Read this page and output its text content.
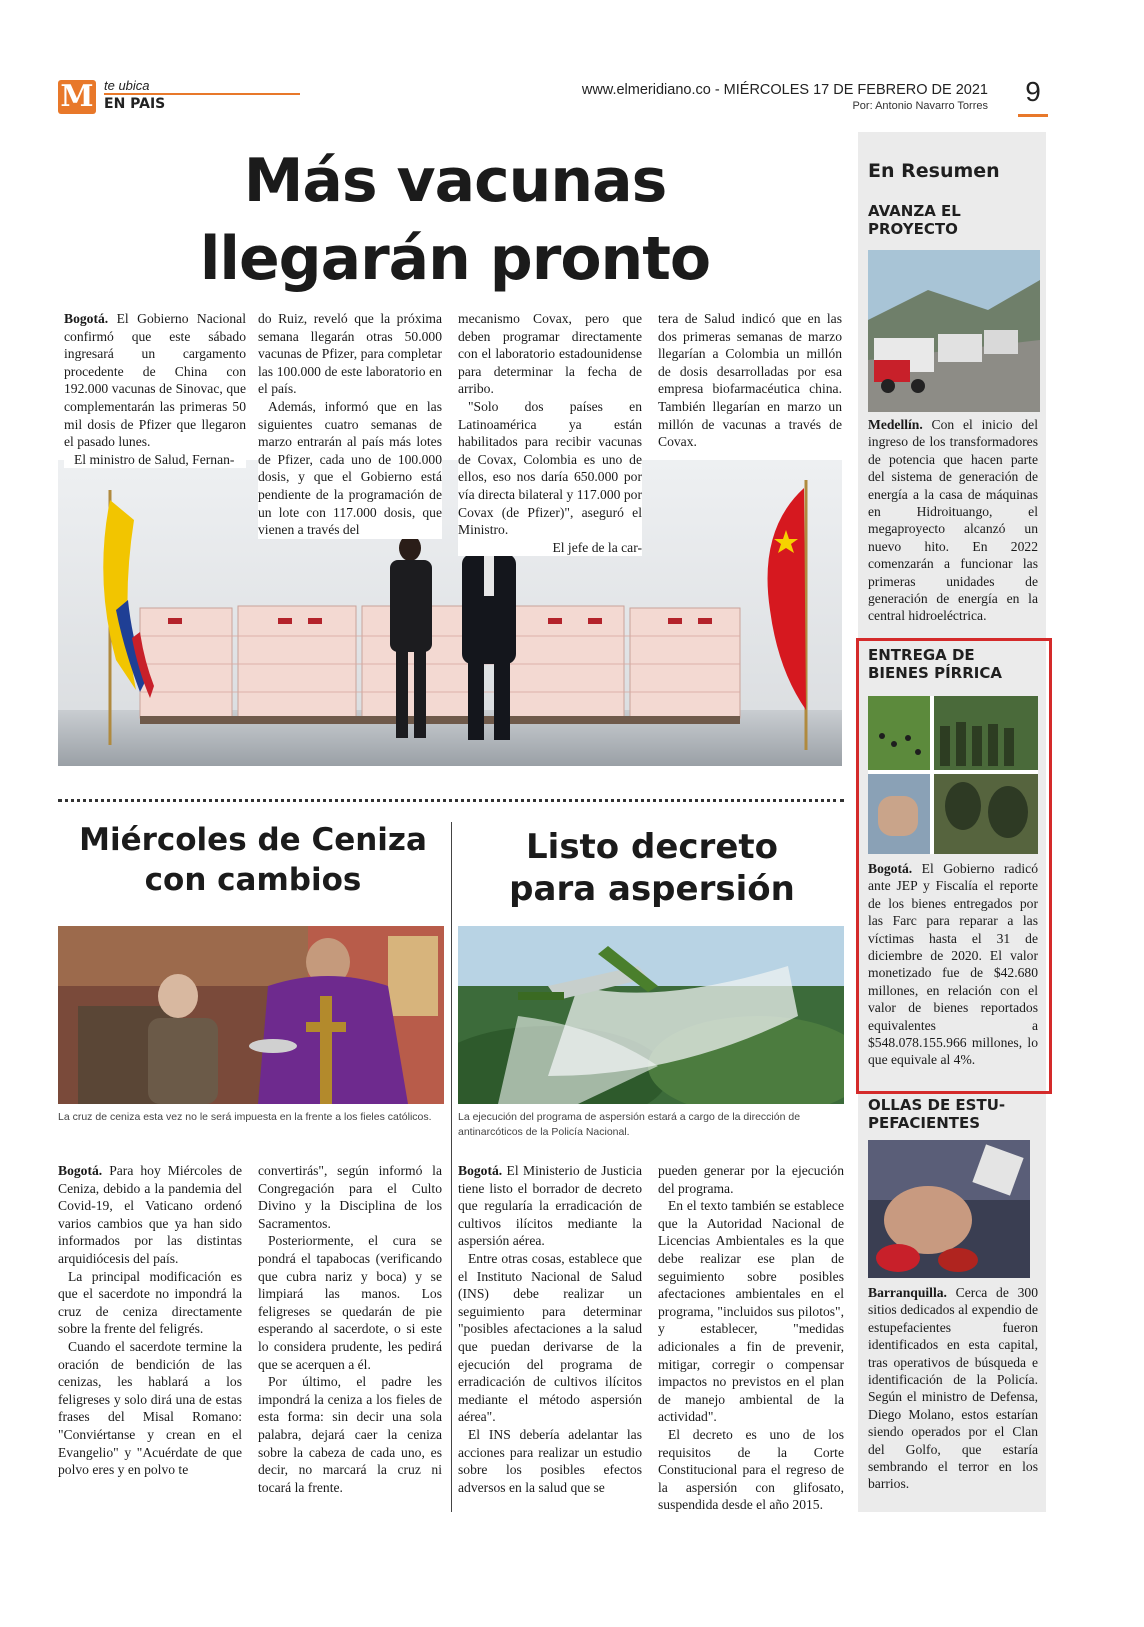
M te ubica
EN PAIS
www.elmeridiano.co - MIÉRCOLES 17 DE FEBRERO DE 2021
Por: Antonio Navarro Torres 9
Más vacunas
llegarán pronto

Bogotá. El Gobierno Nacional confirmó que este sábado ingresará un cargamento procedente de China con 192.000 vacunas de Sinovac, que complementarán las primeras 50 mil dosis de Pfizer que llegaron el pasado lunes.

El ministro de Salud, Fernan-

do Ruiz, reveló que la próxima semana llegarán otras 50.000 vacunas de Pfizer, para completar las 100.000 de este laboratorio en el país.

Además, informó que en las siguientes cuatro semanas de marzo entrarán al país más lotes de Pfizer, cada uno de 100.000 dosis, y que el Gobierno está pendiente de la programación de un lote con 117.000 dosis, que vienen a través del

mecanismo Covax, pero que deben programar directamente con el laboratorio estadounidense para determinar la fecha de arribo.

"Solo dos países en Latinoamérica ya están habilitados para recibir vacunas de Covax, Colombia es uno de ellos, eso nos daría 650.000 por vía directa bilateral y 117.000 por Covax (de Pfizer)", aseguró el Ministro.

El jefe de la car-

tera de Salud indicó que en las dos primeras semanas de marzo llegarían a Colombia un millón de dosis desarrolladas por esa empresa biofarmacéutica china. También llegarían en marzo un millón de vacunas a través de Covax.

Miércoles de Ceniza
con cambios
La cruz de ceniza esta vez no le será impuesta en la frente a los fieles católicos.

Bogotá. Para hoy Miércoles de Ceniza, debido a la pandemia del Covid-19, el Vaticano ordenó varios cambios que ya han sido informados por las distintas arquidiócesis del país.

La principal modificación es que el sacerdote no impondrá la cruz de ceniza directamente sobre la frente del feligrés.

Cuando el sacerdote termine la oración de bendición de las cenizas, les hablará a los feligreses y solo dirá una de estas frases del Misal Romano: "Conviértanse y crean en el Evangelio" y "Acuérdate de que polvo eres y en polvo te

convertirás", según informó la Congregación para el Culto Divino y la Disciplina de los Sacramentos.

Posteriormente, el cura se pondrá el tapabocas (verificando que cubra nariz y boca) y se limpiará las manos. Los feligreses se quedarán de pie esperando al sacerdote, o si este lo considera prudente, les pedirá que se acerquen a él.

Por último, el padre les impondrá la ceniza a los fieles de esta forma: sin decir una sola palabra, dejará caer la ceniza sobre la cabeza de cada uno, es decir, no marcará la cruz ni tocará la frente.

Listo decreto
para aspersión
La ejecución del programa de aspersión estará a cargo de la dirección de antinarcóticos de la Policía Nacional.

Bogotá. El Ministerio de Justicia tiene listo el borrador de decreto que regularía la erradicación de cultivos ilícitos mediante la aspersión aérea.

Entre otras cosas, establece que el Instituto Nacional de Salud (INS) debe realizar un seguimiento para determinar "posibles afectaciones a la salud que puedan derivarse de la ejecución del programa de erradicación de cultivos ilícitos mediante el método aspersión aérea".

El INS debería adelantar las acciones para realizar un estudio sobre los posibles efectos adversos en la salud que se

pueden generar por la ejecución del programa.

En el texto también se establece que la Autoridad Nacional de Licencias Ambientales es la que debe realizar ese plan de seguimiento sobre posibles afectaciones ambientales en el programa, "incluidos sus pilotos", y establecer, "medidas adicionales a fin de prevenir, mitigar, corregir o compensar impactos no previstos en el plan de manejo ambiental de la actividad".

El decreto es uno de los requisitos de la Corte Constitucional para el regreso de la aspersión con glifosato, suspendida desde el año 2015.

En Resumen
AVANZA EL
PROYECTO
Medellín. Con el inicio del ingreso de los transformadores de potencia que hacen parte del sistema de generación de energía a la casa de máquinas en Hidroituango, el megaproyecto alcanzó un nuevo hito. En 2022 comenzarán a funcionar las primeras unidades de generación de energía en la central hidroeléctrica.
ENTREGA DE
BIENES PÍRRICA
Bogotá. El Gobierno radicó ante JEP y Fiscalía el reporte de los bienes entregados por las Farc para reparar a las víctimas hasta el 31 de diciembre de 2020. El valor monetizado fue de $42.680 millones, en relación con el valor de bienes reportados equivalentes a $548.078.155.966 millones, lo que equivale al 4%.
OLLAS DE ESTU-
PEFACIENTES
Barranquilla. Cerca de 300 sitios dedicados al expendio de estupefacientes fueron identificados en esta capital, tras operativos de búsqueda e identificación de la Policía. Según el ministro de Defensa, Diego Molano, estos estarían siendo operados por el Clan del Golfo, que estaría sembrando el terror en los barrios.
